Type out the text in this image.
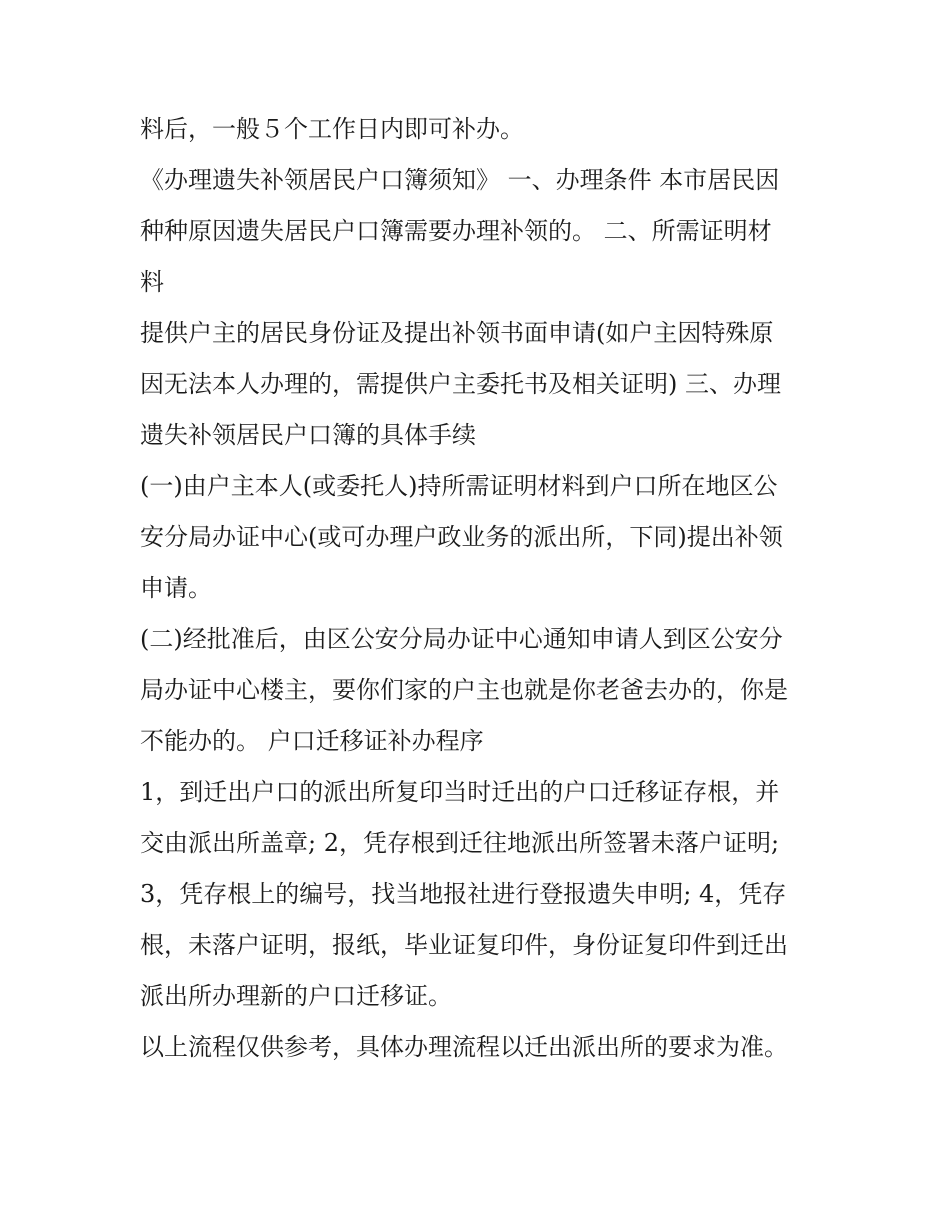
料后，一般５个工作日内即可补办。
《办理遗失补领居民户口簿须知》 一、办理条件 本市居民因
种种原因遗失居民户口簿需要办理补领的。 二、所需证明材
料
提供户主的居民身份证及提出补领书面申请(如户主因特殊原
因无法本人办理的，需提供户主委托书及相关证明) 三、办理
遗失补领居民户口簿的具体手续
(一)由户主本人(或委托人)持所需证明材料到户口所在地区公
安分局办证中心(或可办理户政业务的派出所，下同)提出补领
申请。
(二)经批准后，由区公安分局办证中心通知申请人到区公安分
局办证中心楼主，要你们家的户主也就是你老爸去办的，你是
不能办的。 户口迁移证补办程序
1，到迁出户口的派出所复印当时迁出的户口迁移证存根，并
交由派出所盖章; 2，凭存根到迁往地派出所签署未落户证明;
3，凭存根上的编号，找当地报社进行登报遗失申明; 4，凭存
根，未落户证明，报纸，毕业证复印件，身份证复印件到迁出
派出所办理新的户口迁移证。
以上流程仅供参考，具体办理流程以迁出派出所的要求为准。
